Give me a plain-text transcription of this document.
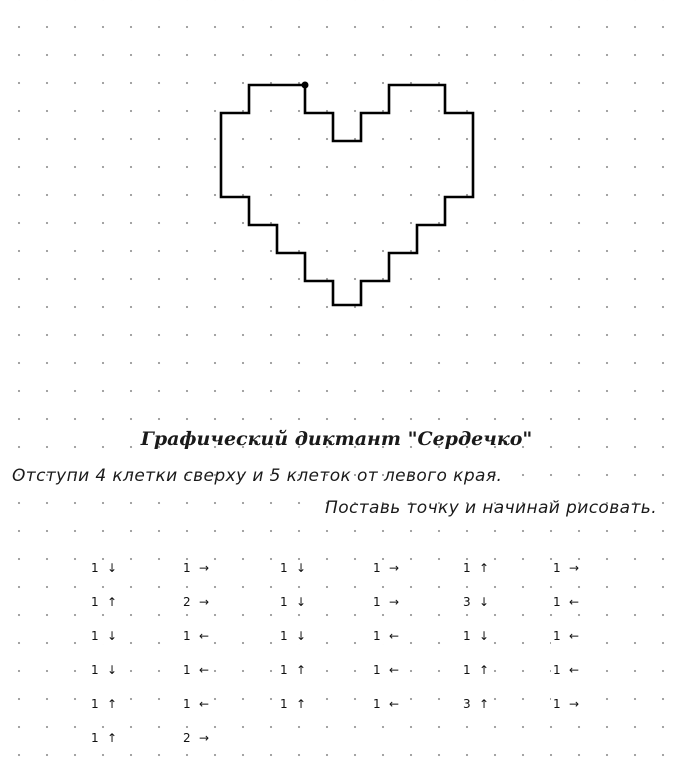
Графический диктант "Сердечко"
Отступи 4 клетки сверху и 5 клеток от левого края.
Поставь точку и начинай рисовать.
1 ↓
1 ↑
1 ↓
1 ↓
1 ↑
1 ↑
1 →
2 →
1 ←
1 ←
1 ←
2 →
1 ↓
1 ↓
1 ↓
1 ↑
1 ↑
1 →
1 →
1 ←
1 ←
1 ←
1 ↑
3 ↓
1 ↓
1 ↑
3 ↑
1 →
1 ←
1 ←
1 ←
1 →
